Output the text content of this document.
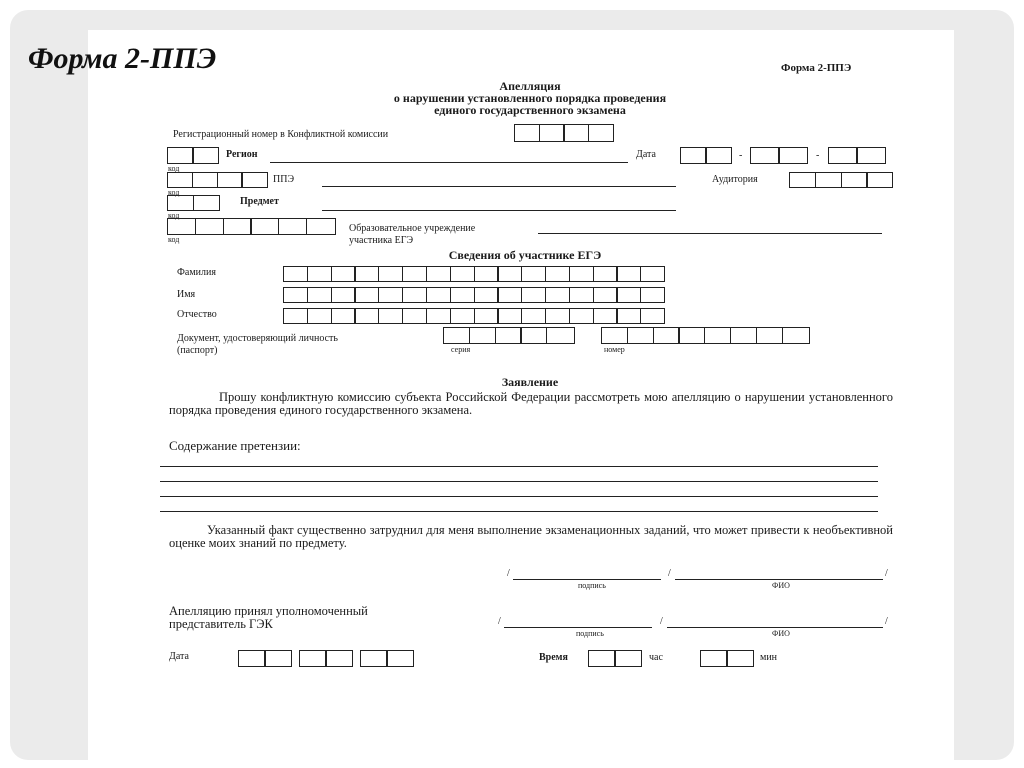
Форма 2-ППЭ	Форма 2-ППЭ
Апелляция
о нарушении установленного порядка проведения
единого государственного экзамена
Регистрационный номер в Конфликтной комиссии
код
Регион	Дата	-	-
код
ППЭ	Аудитория
код
Предмет
код
Образовательное учреждение
участника ЕГЭ
Сведения об участнике ЕГЭ
Фамилия
Имя
Отчество
Документ, удостоверяющий личность
(паспорт)	серия	номер
Заявление
Прошу конфликтную комиссию субъекта Российской Федерации рассмотреть мою апелляцию о нарушении установленного порядка проведения единого государственного экзамена.
Содержание претензии:
Указанный факт существенно затруднил для меня выполнение экзаменационных заданий, что может привести к необъективной оценке моих знаний по предмету.
/
подпись
/
ФИО
/
Апелляцию принял уполномоченный
представитель ГЭК	/
подпись
/
ФИО
/
Дата	Время	час	мин
